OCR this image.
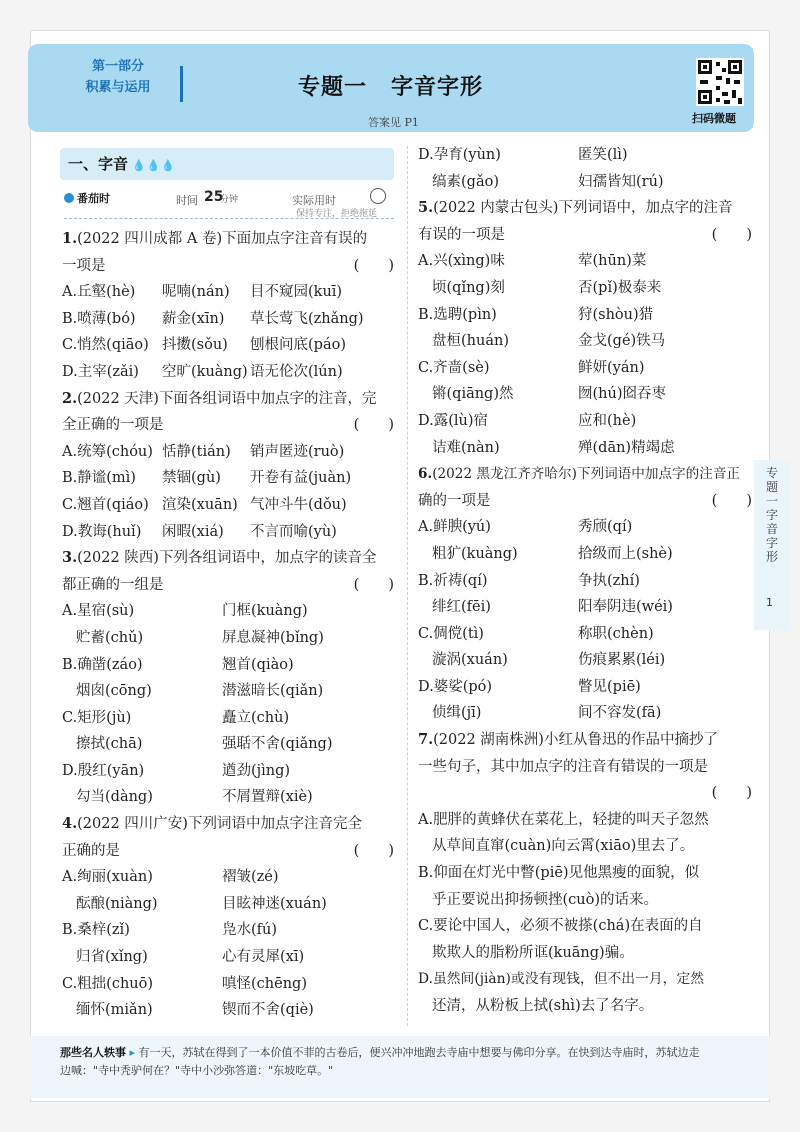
第一部分
积累与运用	专题一 字音字形
答案见 P1	扫码微题
一、字音 💧💧💧
番茄时	时间 25
分钟	实际用时
保持专注，拒绝拖延
1.(2022 四川成都 A 卷)下面加点字注音有误的
一项是	(　　)
A.丘壑(hè)	呢喃(nán)	目不窥园(kuī)
B.喷薄(bó)	薪金(xīn)	草长莺飞(zhǎng)
C.悄然(qiāo) 抖擞(sǒu)	刨根问底(páo)
D.主宰(zǎi)	空旷(kuàng) 语无伦次(lún)
2.(2022 天津)下面各组词语中加点字的注音，完
全正确的一项是	(　　)
A.统筹(chóu) 恬静(tián)	销声匿迹(ruò)
B.静谧(mì)	禁锢(gù)	开卷有益(juàn)
C.翘首(qiáo) 渲染(xuān) 气冲斗牛(dǒu)
D.教诲(huǐ)	闲暇(xiá)	不言而喻(yù)
3.(2022 陕西)下列各组词语中，加点字的读音全
都正确的一组是	(　　)
A.星宿(sù)	门框(kuàng)
贮蓄(chǔ)	屏息凝神(bǐng)
B.确凿(záo)	翘首(qiào)
烟囱(cōng)	潜滋暗长(qiǎn)
C.矩形(jù)	矗立(chù)
擦拭(chā)	强聒不舍(qiǎng)
D.殷红(yān)	遒劲(jìng)
勾当(dàng)	不屑置辩(xiè)
4.(2022 四川广安)下列词语中加点字注音完全
正确的是	(　　)
A.绚丽(xuàn)	褶皱(zé)
酝酿(niàng)	目眩神迷(xuán)
B.桑梓(zǐ)	凫水(fú)
归省(xǐng)	心有灵犀(xī)
C.粗拙(chuō)	嗔怪(chēng)
缅怀(miǎn)	锲而不舍(qiè)
D.孕育(yùn)	匿笑(lì)
缟素(gǎo)	妇孺皆知(rú)
5.(2022 内蒙古包头)下列词语中，加点字的注音
有误的一项是	(　　)
A.兴(xìng)味	荤(hūn)菜
顷(qǐng)刻	否(pǐ)极泰来
B.选聘(pìn)	狩(shòu)猎
盘桓(huán)	金戈(gé)铁马
C.齐啬(sè)	鲜妍(yán)
锵(qiāng)然	囫(hú)囵吞枣
D.露(lù)宿	应和(hè)
诘难(nàn)	殚(dān)精竭虑
6.(2022 黑龙江齐齐哈尔)下列词语中加点字的注音正
确的一项是	(　　)
A.鲜腴(yú)	秀颀(qí)
粗犷(kuàng)	拾级而上(shè)
B.祈祷(qí)	争执(zhí)
绯红(fēi)	阳奉阴违(wéi)
C.倜傥(tì)	称职(chèn)
漩涡(xuán)	伤痕累累(léi)
D.婆娑(pó)	瞥见(piē)
侦缉(jī)	间不容发(fā)
7.(2022 湖南株洲)小红从鲁迅的作品中摘抄了
一些句子，其中加点字的注音有错误的一项是
(　　)
A.肥胖的黄蜂伏在菜花上，轻捷的叫天子忽然
从草间直窜(cuàn)向云霄(xiāo)里去了。
B.仰面在灯光中瞥(piē)见他黑瘦的面貌，似
乎正要说出抑扬顿挫(cuò)的话来。
C.要论中国人，必须不被搽(chá)在表面的自
欺欺人的脂粉所诓(kuāng)骗。
D.虽然间(jiàn)或没有现钱，但不出一月，定然
还清，从粉板上拭(shì)去了名字。
专题一 字音字形
1
那些名人轶事 ▸ 有一天，苏轼在得到了一本价值不菲的古卷后，便兴冲冲地跑去寺庙中想要与佛印分享。在快到达寺庙时，苏轼边走
边喊："寺中秃驴何在？"寺中小沙弥答道："东坡吃草。"
